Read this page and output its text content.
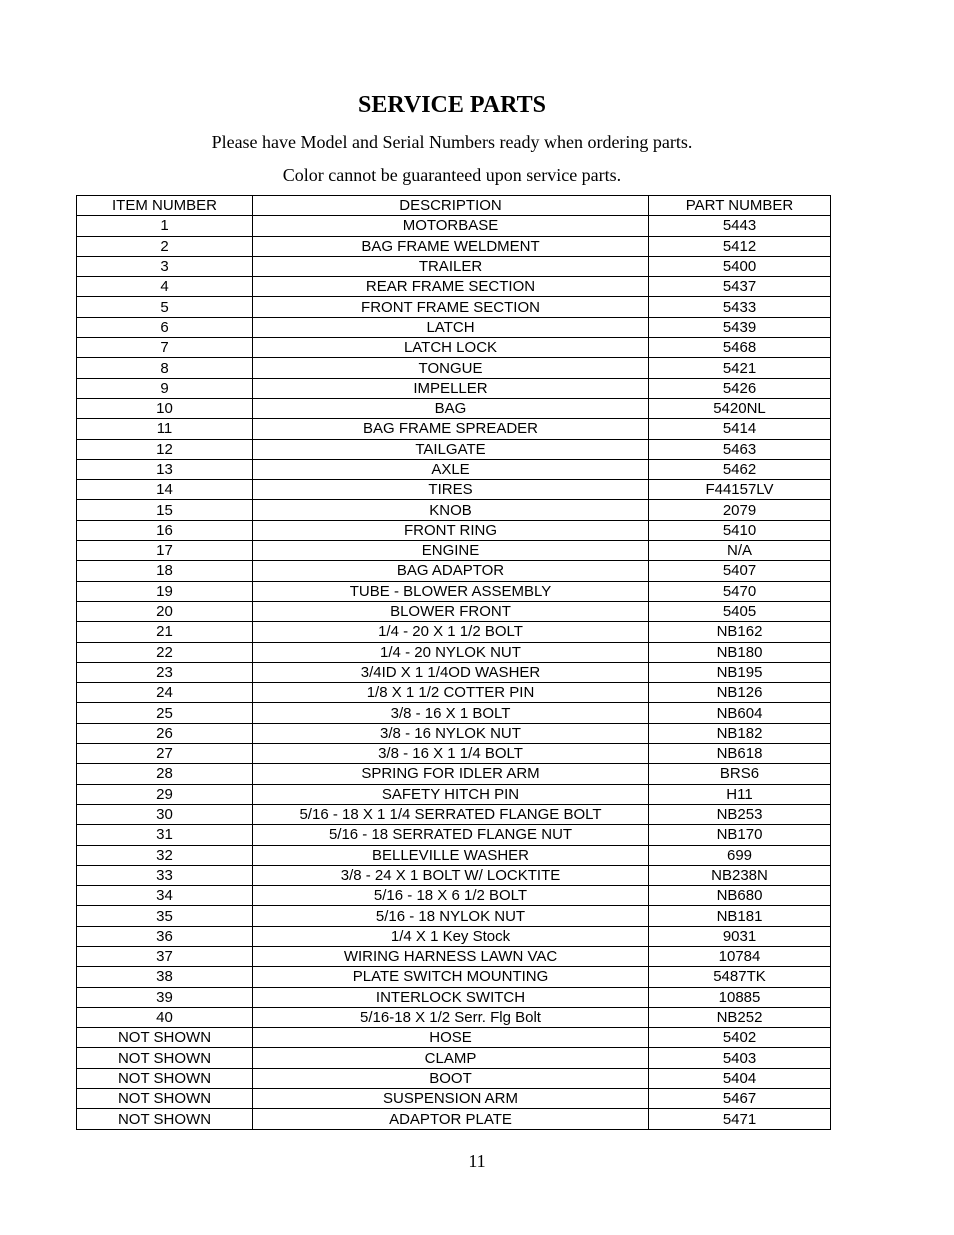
SERVICE PARTS
Please have Model and Serial Numbers ready when ordering parts.
Color cannot be guaranteed upon service parts.
ITEM NUMBER	DESCRIPTION	PART NUMBER
1	MOTORBASE	5443
2	BAG FRAME WELDMENT	5412
3	TRAILER	5400
4	REAR FRAME SECTION	5437
5	FRONT FRAME SECTION	5433
6	LATCH	5439
7	LATCH LOCK	5468
8	TONGUE	5421
9	IMPELLER	5426
10	BAG	5420NL
11	BAG FRAME SPREADER	5414
12	TAILGATE	5463
13	AXLE	5462
14	TIRES	F44157LV
15	KNOB	2079
16	FRONT RING	5410
17	ENGINE	N/A
18	BAG ADAPTOR	5407
19	TUBE - BLOWER ASSEMBLY	5470
20	BLOWER FRONT	5405
21	1/4 - 20 X 1 1/2 BOLT	NB162
22	1/4 - 20 NYLOK NUT	NB180
23	3/4ID X 1 1/4OD WASHER	NB195
24	1/8 X 1 1/2 COTTER PIN	NB126
25	3/8 - 16 X 1 BOLT	NB604
26	3/8 - 16 NYLOK NUT	NB182
27	3/8 - 16 X 1 1/4 BOLT	NB618
28	SPRING FOR IDLER ARM	BRS6
29	SAFETY HITCH PIN	H11
30	5/16 - 18 X 1 1/4 SERRATED FLANGE BOLT	NB253
31	5/16 - 18 SERRATED FLANGE NUT	NB170
32	BELLEVILLE WASHER	699
33	3/8 - 24 X 1 BOLT W/ LOCKTITE	NB238N
34	5/16 - 18 X 6 1/2 BOLT	NB680
35	5/16 - 18 NYLOK NUT	NB181
36	1/4 X 1 Key Stock	9031
37	WIRING HARNESS LAWN VAC	10784
38	PLATE SWITCH MOUNTING	5487TK
39	INTERLOCK SWITCH	10885
40	5/16-18 X 1/2 Serr. Flg Bolt	NB252
NOT SHOWN	HOSE	5402
NOT SHOWN	CLAMP	5403
NOT SHOWN	BOOT	5404
NOT SHOWN	SUSPENSION ARM	5467
NOT SHOWN	ADAPTOR PLATE	5471
11
